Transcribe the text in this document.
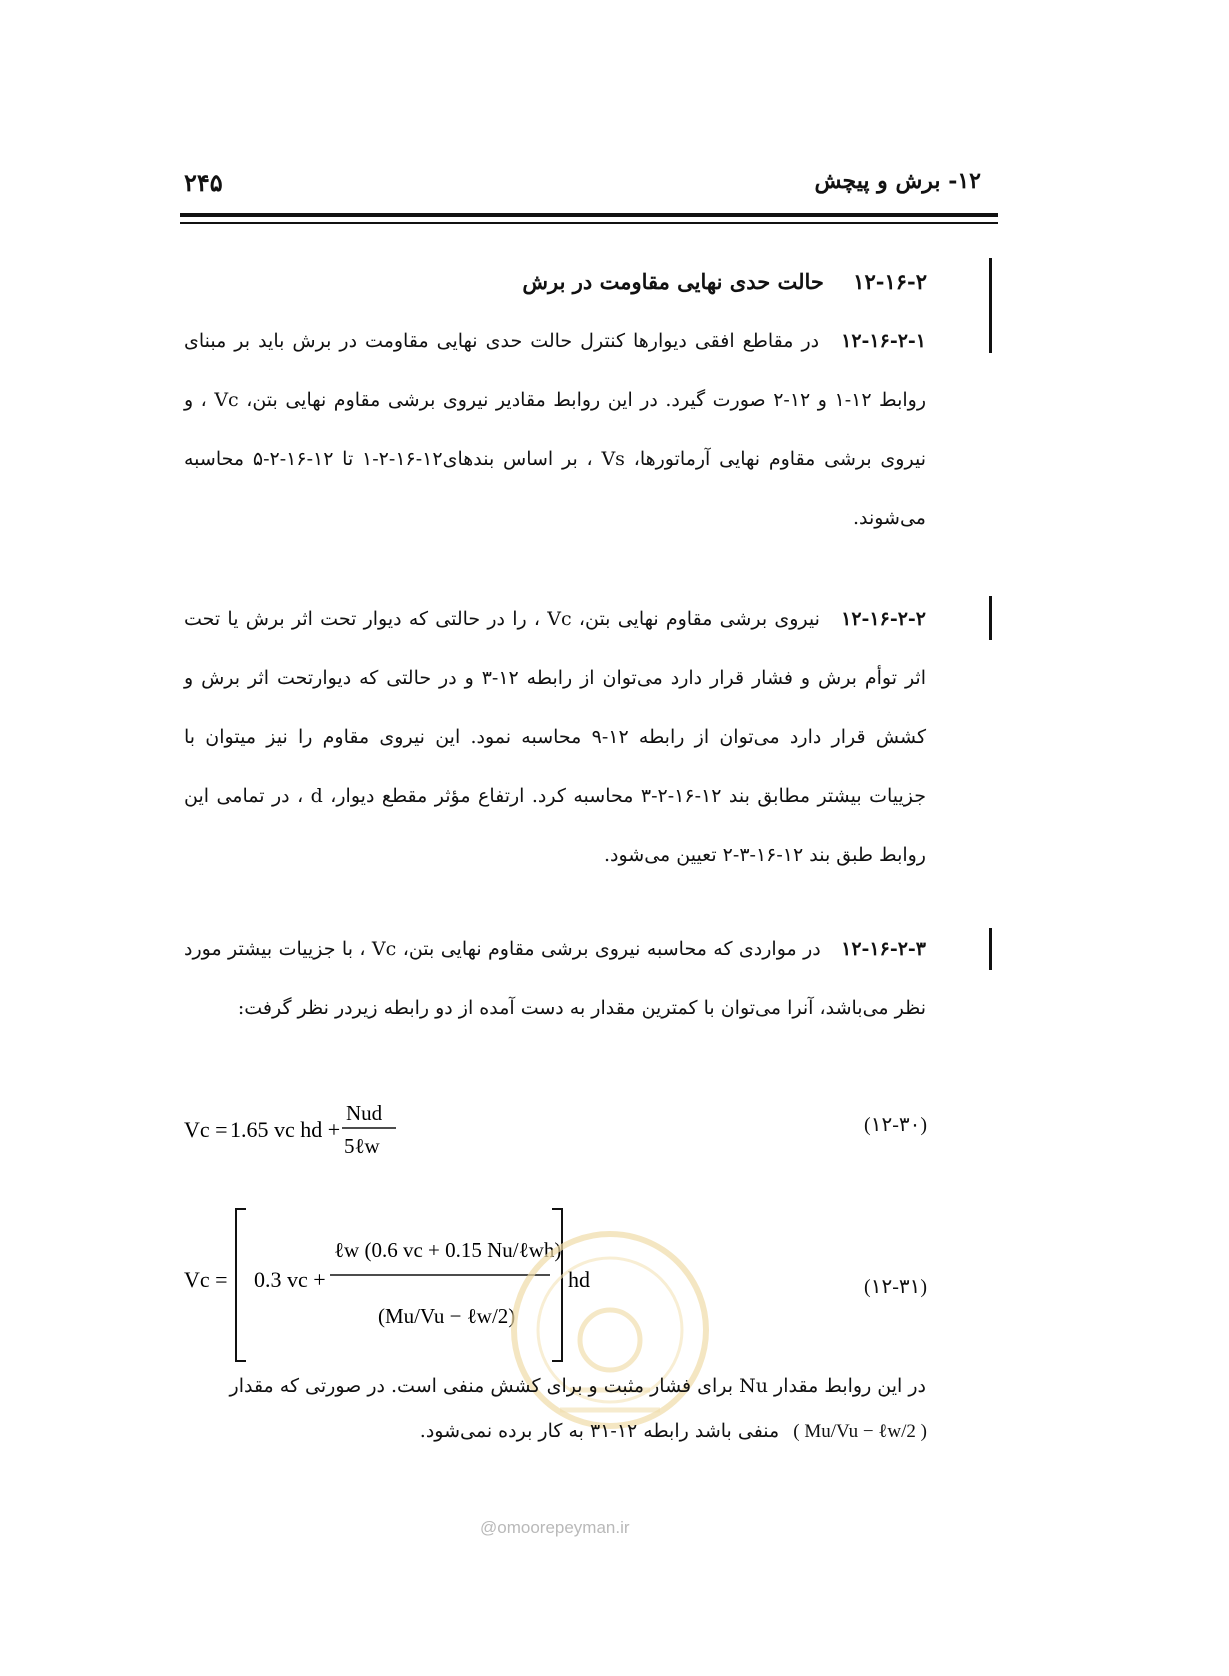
۲۴۵	۱۲- برش و پیچش
۱۲-۱۶-۲    حالت حدی نهایی مقاومت در برش
۱۲-۱۶-۲-۱ در مقاطع افقی دیوارها کنترل حالت حدی نهایی مقاومت در برش باید بر مبنای روابط ۱۲-۱ و ۱۲-۲ صورت گیرد. در این روابط مقادیر نیروی برشی مقاوم نهایی بتن، Vc ، و نیروی برشی مقاوم نهایی آرماتورها، Vs ، بر اساس بندهای۱۲-۱۶-۲-۱ تا ۱۲-۱۶-۲-۵ محاسبه می‌شوند.
۱۲-۱۶-۲-۲ نیروی برشی مقاوم نهایی بتن، Vc ، را در حالتی که دیوار تحت اثر برش یا تحت اثر توأم برش و فشار قرار دارد می‌توان از رابطه ۱۲-۳ و در حالتی که دیوارتحت اثر برش و کشش قرار دارد می‌توان از رابطه ۱۲-۹ محاسبه نمود. این نیروی مقاوم را نیز میتوان با جزییات بیشتر مطابق بند ۱۲-۱۶-۲-۳ محاسبه کرد. ارتفاع مؤثر مقطع دیوار، d ، در تمامی این روابط طبق بند ۱۲-۱۶-۳-۲ تعیین می‌شود.
۱۲-۱۶-۲-۳ در مواردی که محاسبه نیروی برشی مقاوم نهایی بتن، Vc ، با جزییات بیشتر مورد نظر می‌باشد، آنرا می‌توان با کمترین مقدار به دست آمده از دو رابطه زیردر نظر گرفت:
Vc = 1.65 vc hd +
Nud
5ℓw
(۱۲-۳۰)
Vc = 0.3 vc +
ℓw (0.6 vc + 0.15 Nu/ℓwh)
(Mu/Vu − ℓw/2)
hd	(۱۲-۳۱)
در این روابط مقدار Nu برای فشار مثبت و برای کشش منفی است. در صورتی که مقدار
( Mu/Vu − ℓw/2 ) منفی باشد رابطه ۱۲-۳۱ به کار برده نمی‌شود.
@omoorepeyman.ir
